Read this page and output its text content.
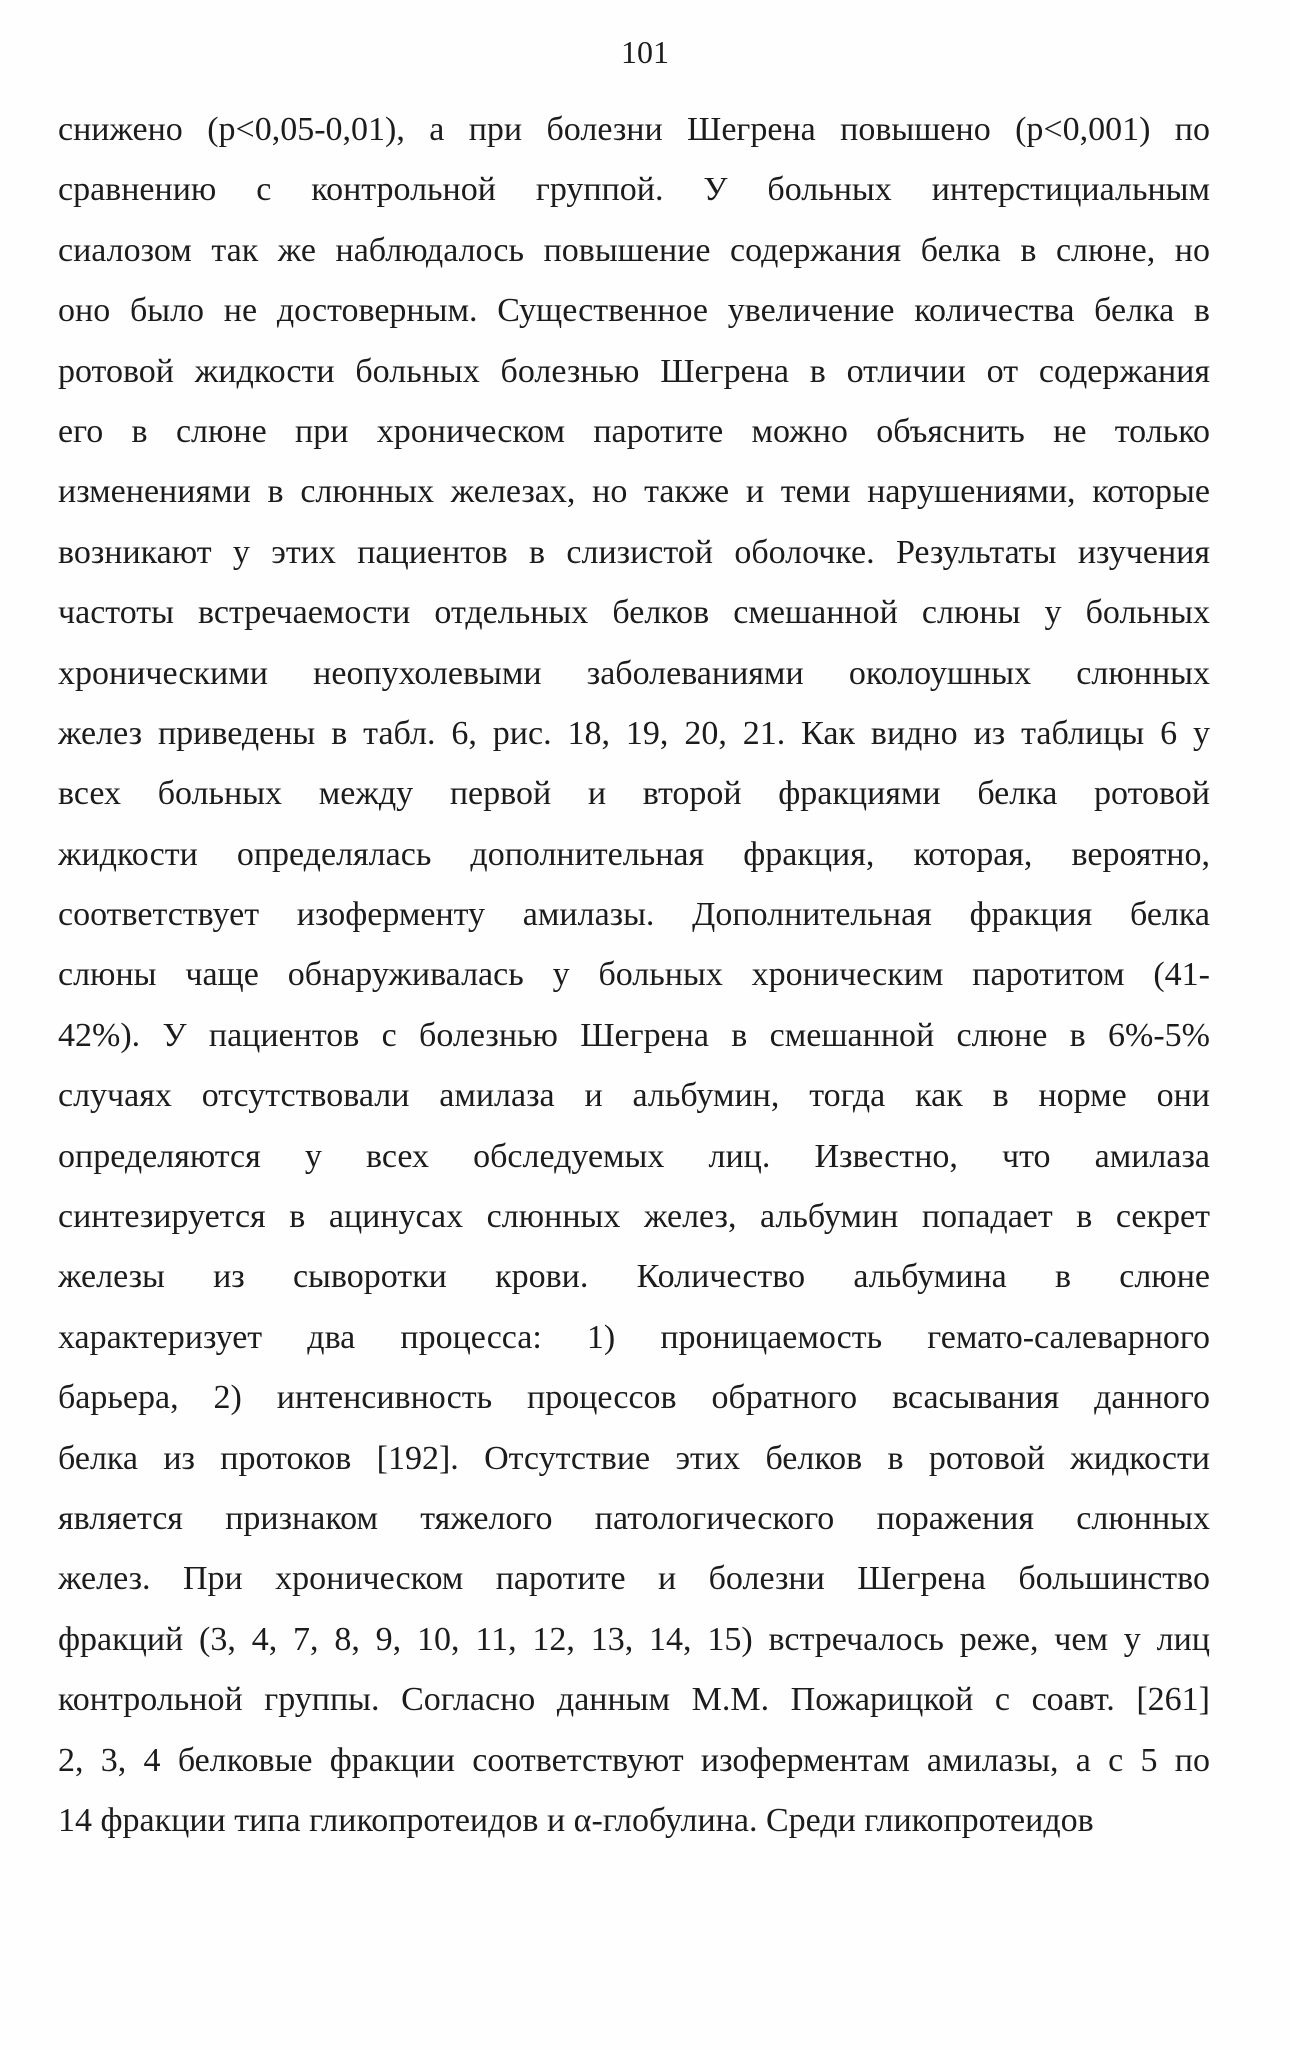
101
снижено (p<0,05-0,01), а при болезни Шегрена повышено (p<0,001) по
сравнению с контрольной группой. У больных интерстициальным
сиалозом так же наблюдалось повышение содержания белка в слюне, но
оно было не достоверным. Существенное увеличение количества белка в
ротовой жидкости больных болезнью Шегрена в отличии от содержания
его в слюне при хроническом паротите можно объяснить не только
изменениями в слюнных железах, но также и теми нарушениями, которые
возникают у этих пациентов в слизистой оболочке. Результаты изучения
частоты встречаемости отдельных белков смешанной слюны у больных
хроническими неопухолевыми заболеваниями околоушных слюнных
желез приведены в табл. 6, рис. 18, 19, 20, 21. Как видно из таблицы 6 у
всех больных между первой и второй фракциями белка ротовой
жидкости определялась дополнительная фракция, которая, вероятно,
соответствует изоферменту амилазы. Дополнительная фракция белка
слюны чаще обнаруживалась у больных хроническим паротитом (41-
42%). У пациентов с болезнью Шегрена в смешанной слюне в 6%-5%
случаях отсутствовали амилаза и альбумин, тогда как в норме они
определяются у всех обследуемых лиц. Известно, что амилаза
синтезируется в ацинусах слюнных желез, альбумин попадает в секрет
железы из сыворотки крови. Количество альбумина в слюне
характеризует два процесса: 1) проницаемость гемато-салеварного
барьера, 2) интенсивность процессов обратного всасывания данного
белка из протоков [192]. Отсутствие этих белков в ротовой жидкости
является признаком тяжелого патологического поражения слюнных
желез. При хроническом паротите и болезни Шегрена большинство
фракций (3, 4, 7, 8, 9, 10, 11, 12, 13, 14, 15) встречалось реже, чем у лиц
контрольной группы. Согласно данным М.М. Пожарицкой с соавт. [261]
2, 3, 4 белковые фракции соответствуют изоферментам амилазы, а с 5 по
14 фракции типа гликопротеидов и α-глобулина. Среди гликопротеидов
